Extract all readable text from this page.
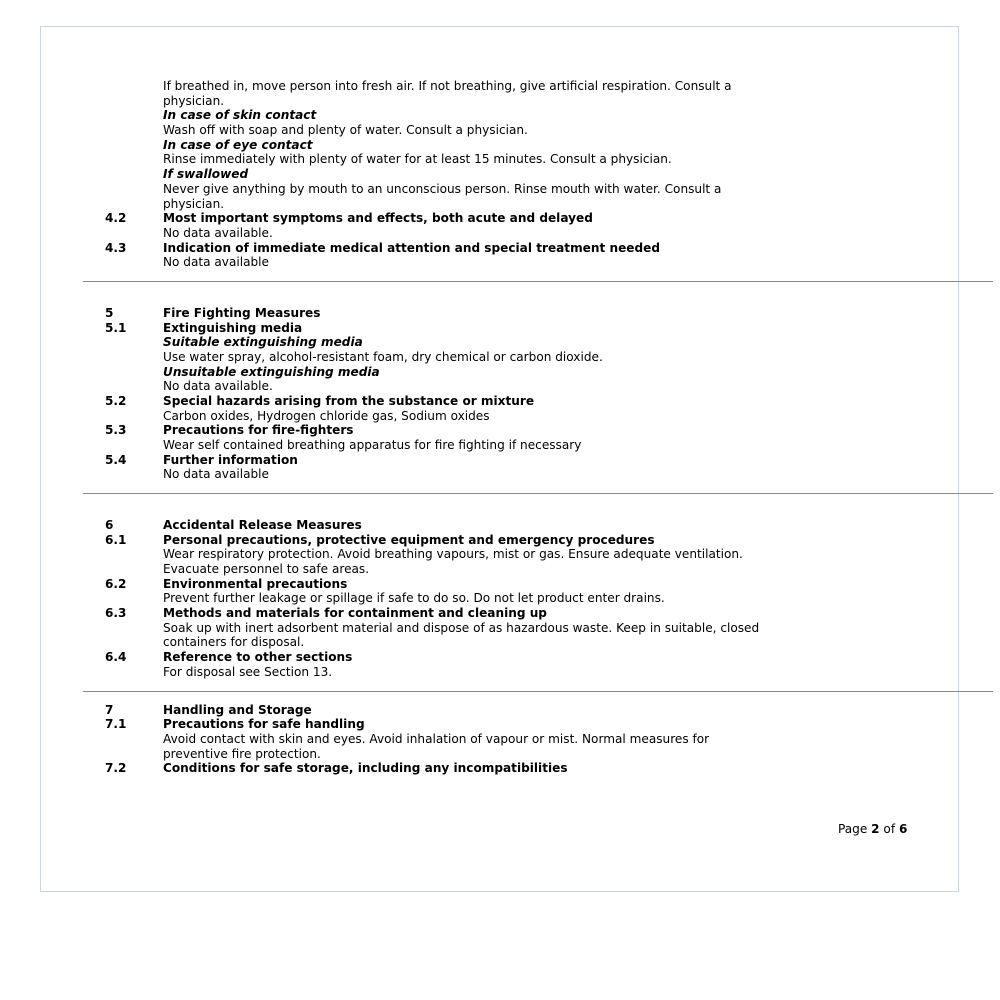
If breathed in, move person into fresh air. If not breathing, give artificial respiration. Consult a
physician.
In case of skin contact
Wash off with soap and plenty of water. Consult a physician.
In case of eye contact
Rinse immediately with plenty of water for at least 15 minutes. Consult a physician.
If swallowed
Never give anything by mouth to an unconscious person. Rinse mouth with water. Consult a
physician.
4.2	Most important symptoms and effects, both acute and delayed
No data available.
4.3	Indication of immediate medical attention and special treatment needed
No data available
5	Fire Fighting Measures
5.1	Extinguishing media
Suitable extinguishing media
Use water spray, alcohol-resistant foam, dry chemical or carbon dioxide.
Unsuitable extinguishing media
No data available.
5.2	Special hazards arising from the substance or mixture
Carbon oxides, Hydrogen chloride gas, Sodium oxides
5.3	Precautions for fire-fighters
Wear self contained breathing apparatus for fire fighting if necessary
5.4	Further information
No data available
6	Accidental Release Measures
6.1	Personal precautions, protective equipment and emergency procedures
Wear respiratory protection. Avoid breathing vapours, mist or gas. Ensure adequate ventilation.
Evacuate personnel to safe areas.
6.2	Environmental precautions
Prevent further leakage or spillage if safe to do so. Do not let product enter drains.
6.3	Methods and materials for containment and cleaning up
Soak up with inert adsorbent material and dispose of as hazardous waste. Keep in suitable, closed
containers for disposal.
6.4	Reference to other sections
For disposal see Section 13.
7	Handling and Storage
7.1	Precautions for safe handling
Avoid contact with skin and eyes. Avoid inhalation of vapour or mist. Normal measures for
preventive fire protection.
7.2	Conditions for safe storage, including any incompatibilities
Page 2 of 6
